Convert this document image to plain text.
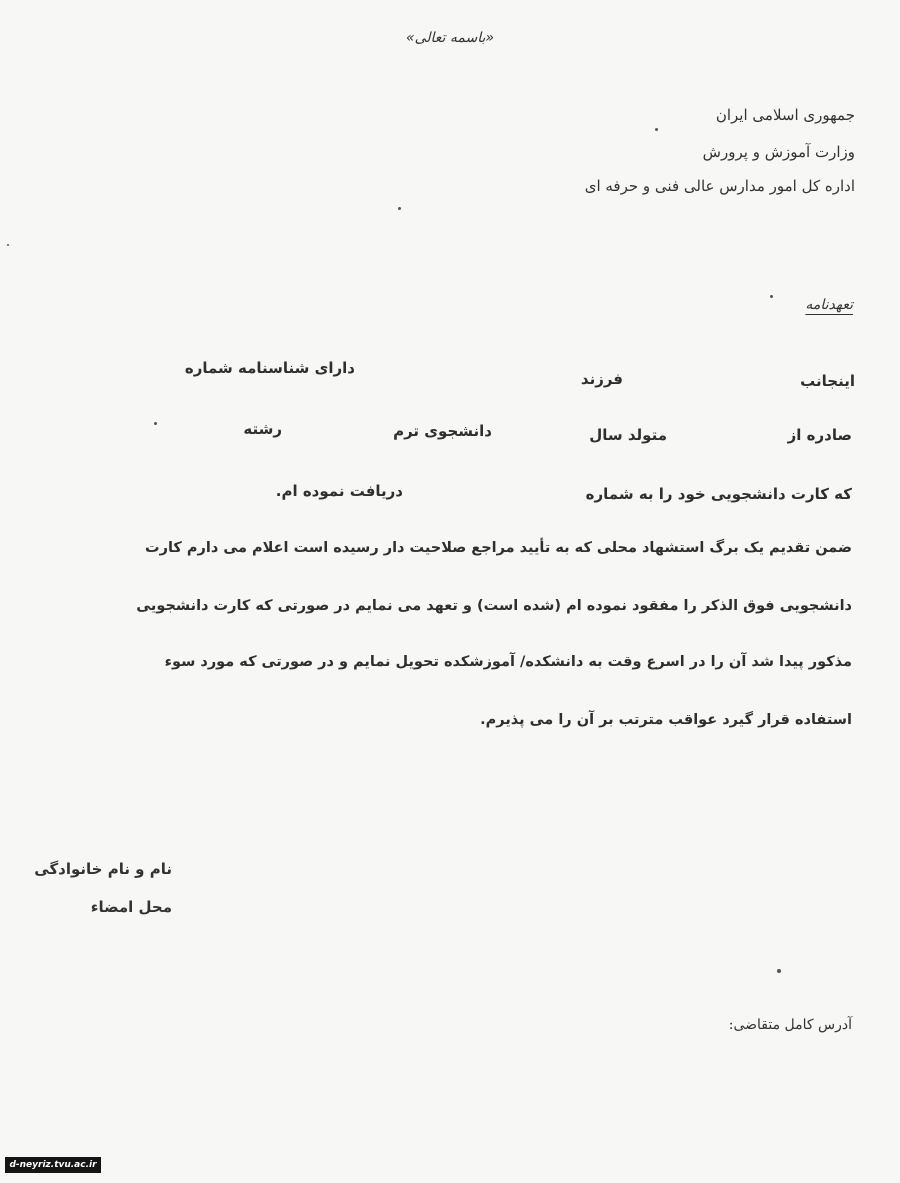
«باسمه تعالی»
جمهوری اسلامی ایران
وزارت آموزش و پرورش
اداره کل امور مدارس عالی فنی و حرفه ای
تعهدنامه
اینجانب
فرزند
دارای شناسنامه شماره
صادره از
متولد سال
دانشجوی ترم
رشته
که کارت دانشجویی خود را به شماره
دریافت نموده ام.
ضمن تقدیم یک برگ استشهاد محلی که به تأیید مراجع صلاحیت دار رسیده است اعلام می دارم کارت
دانشجویی فوق الذکر را مفقود نموده ام (شده است) و تعهد می نمایم در صورتی که کارت دانشجویی
مذکور پیدا شد آن را در اسرع وقت به دانشکده/ آموزشکده تحویل نمایم و در صورتی که مورد سوء
استفاده قرار گیرد عواقب مترتب بر آن را می پذیرم.
نام و نام خانوادگی
محل امضاء
آدرس کامل متقاضی:
d-neyriz.tvu.ac.ir
